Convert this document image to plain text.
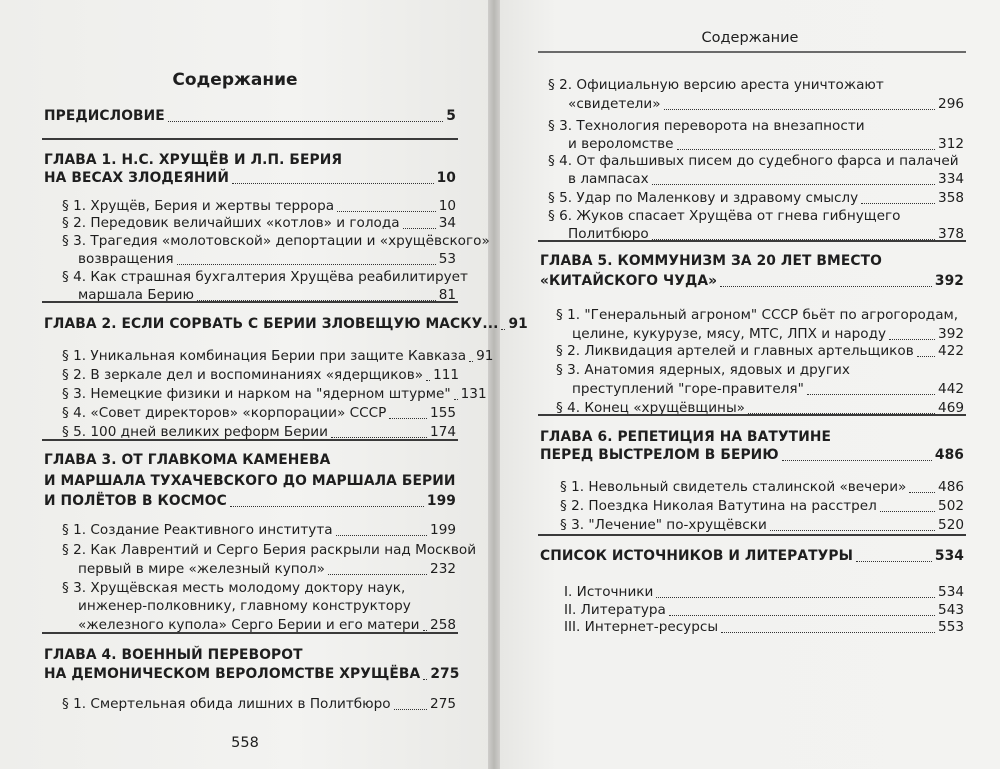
Содержание
Содержание
558
ПРЕДИСЛОВИЕ	5
ГЛАВА 1. Н.С. ХРУЩЁВ И Л.П. БЕРИЯ
НА ВЕСАХ ЗЛОДЕЯНИЙ	10
§ 1. Хрущёв, Берия и жертвы террора	10
§ 2. Передовик величайших «котлов» и голода	34
§ 3. Трагедия «молотовской» депортации и «хрущёвского»
возвращения	53
§ 4. Как страшная бухгалтерия Хрущёва реабилитирует
маршала Берию	81
ГЛАВА 2. ЕСЛИ СОРВАТЬ С БЕРИИ ЗЛОВЕЩУЮ МАСКУ... 91
§ 1. Уникальная комбинация Берии при защите Кавказа 91
§ 2. В зеркале дел и воспоминаниях «ядерщиков» 111
§ 3. Немецкие физики и нарком на "ядерном штурме" 131
§ 4. «Совет директоров» «корпорации» СССР	155
§ 5. 100 дней великих реформ Берии	174
ГЛАВА 3. ОТ ГЛАВКОМА КАМЕНЕВА
И МАРШАЛА ТУХАЧЕВСКОГО ДО МАРШАЛА БЕРИИ
И ПОЛЁТОВ В КОСМОС	199
§ 1. Создание Реактивного института	199
§ 2. Как Лаврентий и Серго Берия раскрыли над Москвой
первый в мире «железный купол»	232
§ 3. Хрущёвская месть молодому доктору наук,
инженер-полковнику, главному конструктору
«железного купола» Серго Берии и его матери 258
ГЛАВА 4. ВОЕННЫЙ ПЕРЕВОРОТ
НА ДЕМОНИЧЕСКОМ ВЕРОЛОМСТВЕ ХРУЩЁВА 275
§ 1. Смертельная обида лишних в Политбюро	275
§ 2. Официальную версию ареста уничтожают
«свидетели»	296
§ 3. Технология переворота на внезапности
и вероломстве	312
§ 4. От фальшивых писем до судебного фарса и палачей
в лампасах	334
§ 5. Удар по Маленкову и здравому смыслу	358
§ 6. Жуков спасает Хрущёва от гнева гибнущего
Политбюро	378
ГЛАВА 5. КОММУНИЗМ ЗА 20 ЛЕТ ВМЕСТО
«КИТАЙСКОГО ЧУДА»	392
§ 1. "Генеральный агроном" СССР бьёт по агрогородам,
целине, кукурузе, мясу, МТС, ЛПХ и народу	392
§ 2. Ликвидация артелей и главных артельщиков 422
§ 3. Анатомия ядерных, ядовых и других
преступлений "горе-правителя"	442
§ 4. Конец «хрущёвщины»	469
ГЛАВА 6. РЕПЕТИЦИЯ НА ВАТУТИНЕ
ПЕРЕД ВЫСТРЕЛОМ В БЕРИЮ	486
§ 1. Невольный свидетель сталинской «вечери» 486
§ 2. Поездка Николая Ватутина на расстрел	502
§ 3. "Лечение" по-хрущёвски	520
СПИСОК ИСТОЧНИКОВ И ЛИТЕРАТУРЫ	534
I. Источники	534
II. Литература	543
III. Интернет-ресурсы	553
